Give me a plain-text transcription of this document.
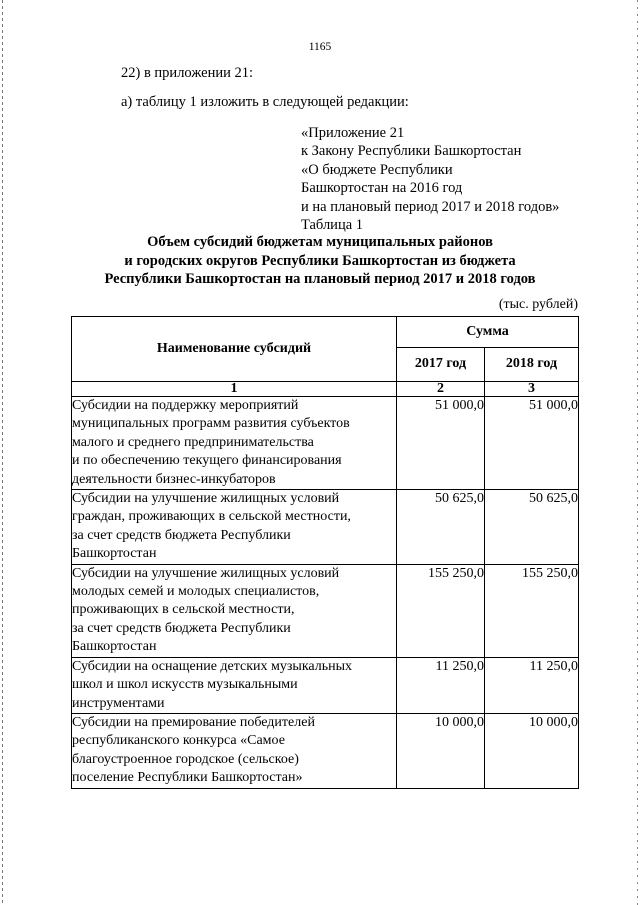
1165
22) в приложении 21:
а) таблицу 1 изложить в следующей редакции:
«Приложение 21
к Закону Республики Башкортостан
«О бюджете Республики
Башкортостан на 2016 год
и на плановый период 2017 и 2018 годов»
Таблица 1
Объем субсидий бюджетам муниципальных районов
и городских округов Республики Башкортостан из бюджета
Республики Башкортостан на плановый период 2017 и 2018 годов
(тыс. рублей)
Наименование субсидий	Сумма	
	2017 год	2018 год
1	2	3

Субсидии на поддержку мероприятий
муниципальных программ развития субъектов
малого и среднего предпринимательства
и по обеспечению текущего финансирования
деятельности бизнес-инкубаторов	51 000,0	51 000,0

Субсидии на улучшение жилищных условий
граждан, проживающих в сельской местности,
за счет средств бюджета Республики
Башкортостан	50 625,0	50 625,0

Субсидии на улучшение жилищных условий
молодых семей и молодых специалистов,
проживающих в сельской местности,
за счет средств бюджета Республики
Башкортостан	155 250,0	155 250,0

Субсидии на оснащение детских музыкальных
школ и школ искусств музыкальными
инструментами	11 250,0	11 250,0

Субсидии на премирование победителей
республиканского конкурса «Самое
благоустроенное городское (сельское)
поселение Республики Башкортостан»	10 000,0	10 000,0
